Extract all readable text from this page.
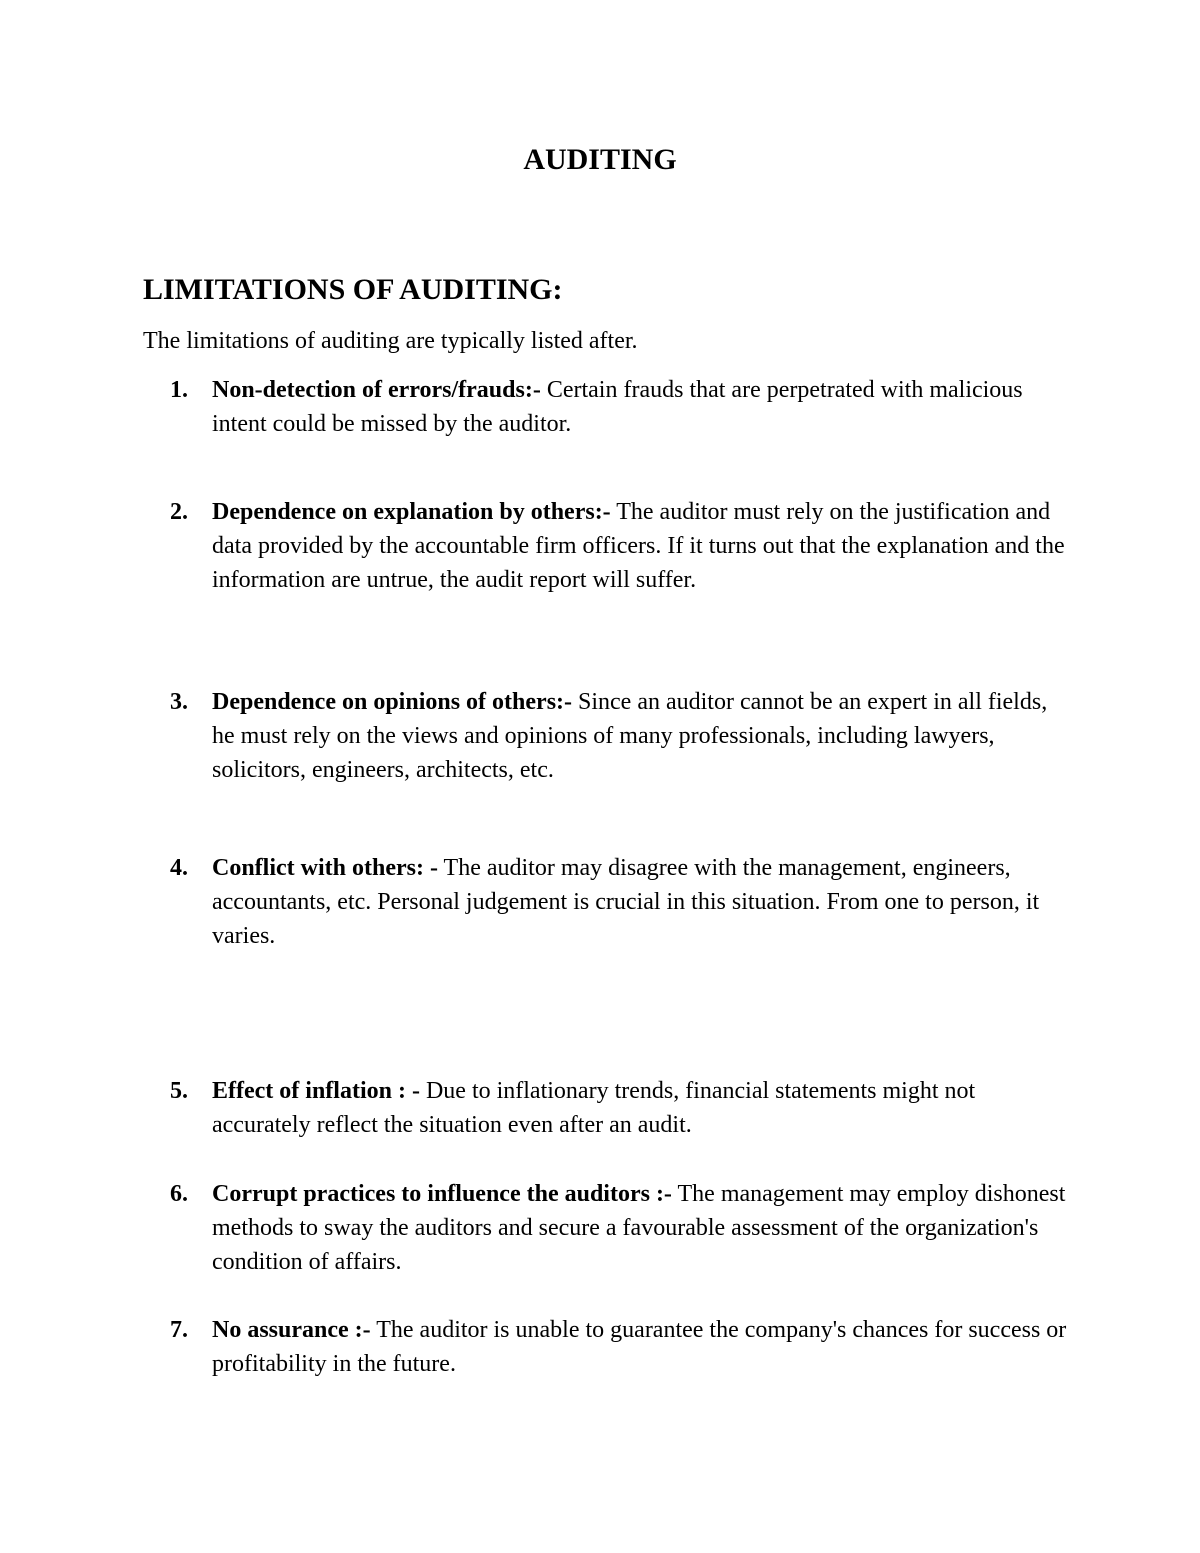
AUDITING
LIMITATIONS OF AUDITING:

The limitations of auditing are typically listed after.

1.	Non-detection of errors/frauds:- Certain frauds that are perpetrated with malicious intent could be missed by the auditor.
2.	Dependence on explanation by others:- The auditor must rely on the justification and data provided by the accountable firm officers. If it turns out that the explanation and the information are untrue, the audit report will suffer.
3.	Dependence on opinions of others:- Since an auditor cannot be an expert in all fields, he must rely on the views and opinions of many professionals, including lawyers, solicitors, engineers, architects, etc.
4.	Conflict with others: - The auditor may disagree with the management, engineers, accountants, etc. Personal judgement is crucial in this situation. From one to person, it varies.
5.	Effect of inflation : - Due to inflationary trends, financial statements might not accurately reflect the situation even after an audit.
6.	Corrupt practices to influence the auditors :- The management may employ dishonest methods to sway the auditors and secure a favourable assessment of the organization's condition of affairs.
7.	No assurance :- The auditor is unable to guarantee the company's chances for success or profitability in the future.
